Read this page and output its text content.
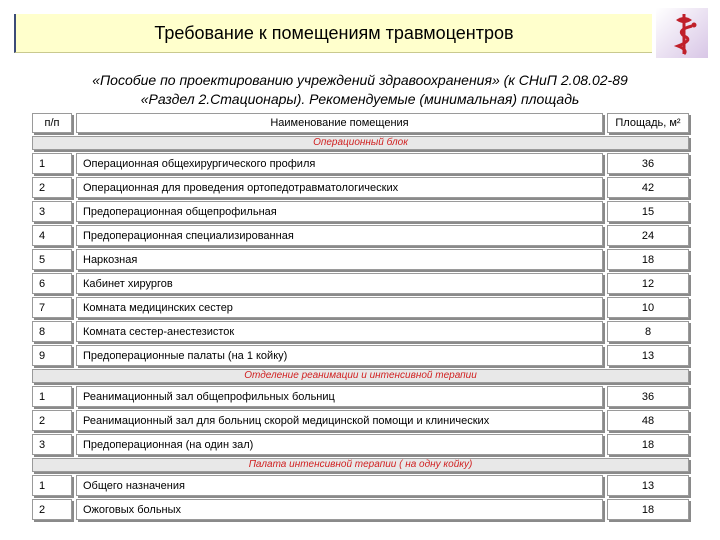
Требование к помещениям травмоцентров
«Пособие по проектированию учреждений здравоохранения» (к СНиП 2.08.02-89
«Раздел 2.Стационары). Рекомендуемые (минимальная) площадь
п/п	Наименование помещения	Площадь, м²
Операционный блок		
1	Операционная общехирургического профиля	36
2	Операционная для проведения ортопедотравматологических	42
3	Предоперационная общепрофильная	15
4	Предоперационная специализированная	24
5	Наркозная	18
6	Кабинет хирургов	12
7	Комната медицинских сестер	10
8	Комната сестер-анестезисток	8
9	Предоперационные палаты (на 1 койку)	13
Отделение реанимации и интенсивной терапии		
1	Реанимационный зал общепрофильных больниц	36
2	Реанимационный зал для больниц скорой медицинской помощи и клинических	48
3	Предоперационная (на один зал)	18
Палата интенсивной терапии ( на одну койку)		
1	Общего назначения	13
2	Ожоговых больных	18
